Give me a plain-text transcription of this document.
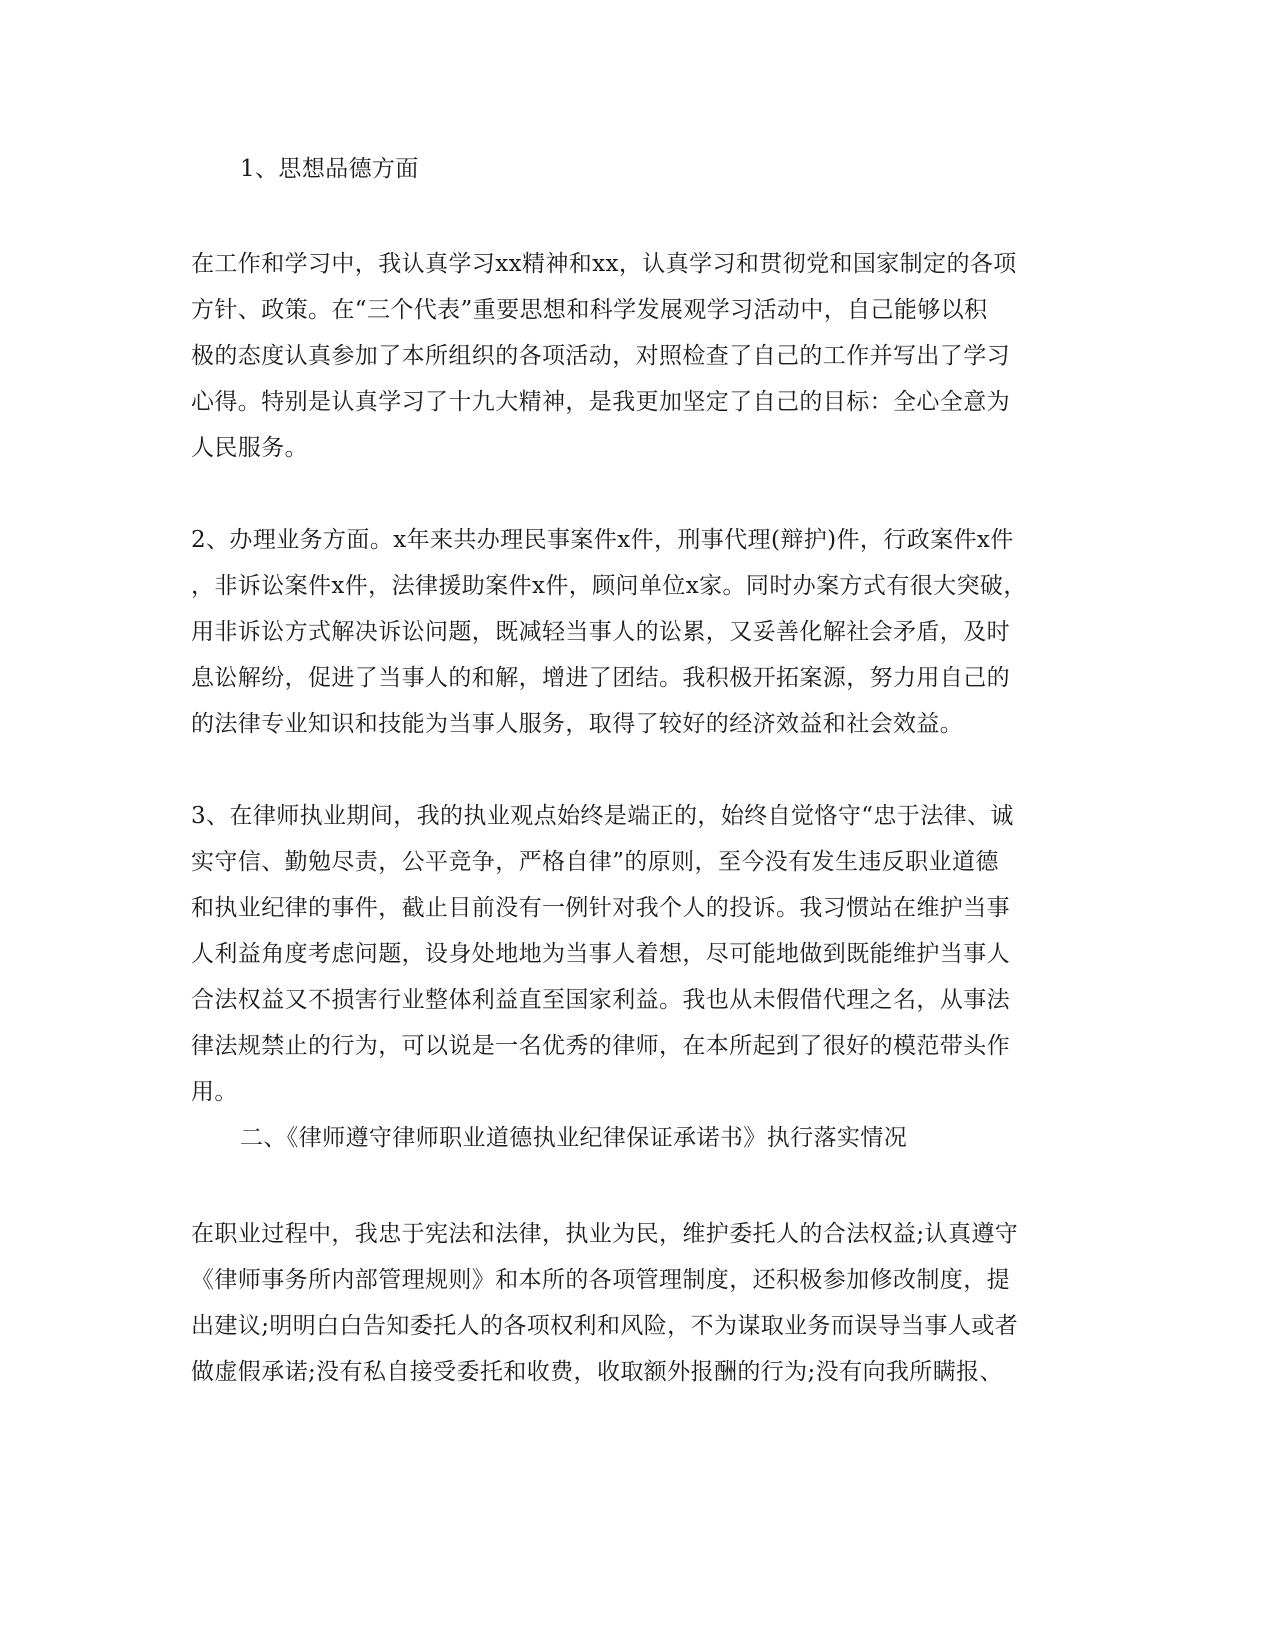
1、思想品德方面
在工作和学习中，我认真学习xx精神和xx，认真学习和贯彻党和国家制定的各项
方针、政策。在“三个代表”重要思想和科学发展观学习活动中，自己能够以积
极的态度认真参加了本所组织的各项活动，对照检查了自己的工作并写出了学习
心得。特别是认真学习了十九大精神，是我更加坚定了自己的目标：全心全意为
人民服务。
2、办理业务方面。x年来共办理民事案件x件，刑事代理(辩护)件，行政案件x件
，非诉讼案件x件，法律援助案件x件，顾问单位x家。同时办案方式有很大突破，
用非诉讼方式解决诉讼问题，既减轻当事人的讼累，又妥善化解社会矛盾，及时
息讼解纷，促进了当事人的和解，增进了团结。我积极开拓案源，努力用自己的
的法律专业知识和技能为当事人服务，取得了较好的经济效益和社会效益。
3、在律师执业期间，我的执业观点始终是端正的，始终自觉恪守“忠于法律、诚
实守信、勤勉尽责，公平竞争，严格自律”的原则，至今没有发生违反职业道德
和执业纪律的事件，截止目前没有一例针对我个人的投诉。我习惯站在维护当事
人利益角度考虑问题，设身处地地为当事人着想，尽可能地做到既能维护当事人
合法权益又不损害行业整体利益直至国家利益。我也从未假借代理之名，从事法
律法规禁止的行为，可以说是一名优秀的律师，在本所起到了很好的模范带头作
用。
二、《律师遵守律师职业道德执业纪律保证承诺书》执行落实情况
在职业过程中，我忠于宪法和法律，执业为民，维护委托人的合法权益;认真遵守
《律师事务所内部管理规则》和本所的各项管理制度，还积极参加修改制度，提
出建议;明明白白告知委托人的各项权利和风险，不为谋取业务而误导当事人或者
做虚假承诺;没有私自接受委托和收费，收取额外报酬的行为;没有向我所瞒报、
